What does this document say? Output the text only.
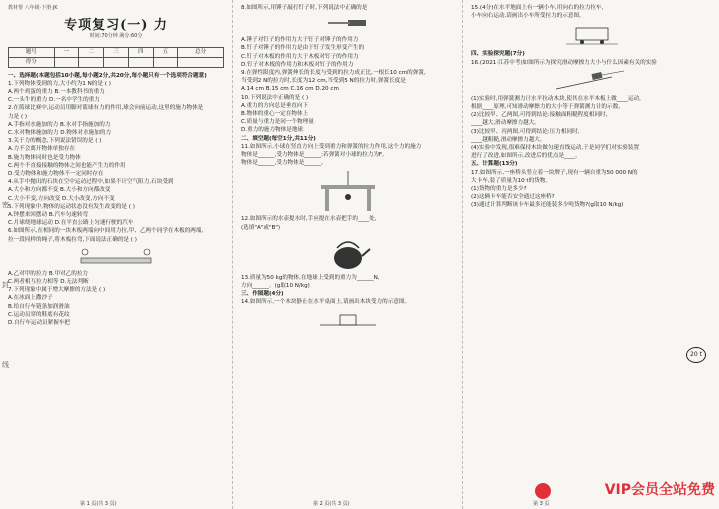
教材帮 八年级·下册·JK
专项复习(一) 力
时间:70分钟 满分:60分
题号	一	二	三	四	五	总分
得分						
一、选择题(本题包括10小题,每小题2分,共20分,每小题只有一个选项符合题意)
1.下列物体受到的力,大小约为1 N的是 ( )
A.两个鸡蛋的重力 B.一本教科书的重力
C.一头牛的重力 D.一名中学生的重力
2.在篮球比赛中,运动员用脚对篮球有力的作用,球会向前运动,这里的施力物体是
力是 ( )
A.手指对水施加的力 B.水对手指施加的力
C.水对物体施加的力 D.物体对水施加的力
3.关于力的概念,下列说法错误的是 ( )
A.力不会离开物体单独存在
B.施力物体同时也是受力物体
C.两个不直接接触的物体之间也能产生力的作用
D.受力物体和施力物体不一定同时存在
4.从手中抛出的石块在空中运动过程中,如果不计空气阻力,石块受到
A.大小和方向都不变 B.大小和方向都改变
C.大小不变,方向改变 D.大小改变,方向不变
5.下列现象中,物体的运动状态没有发生改变的是 ( )
A.钟摆来回摆动 B.汽车匀速转弯
C.月球绕地球运动 D.在平直公路上匀速行驶的汽车
6.如图所示,在相同的一块木板两端向中间用力拉,甲、乙两个同学在木板的两端,
拉一段同样的绳子,将木板拉弯,下面说法正确的是 ( )
A.乙对甲的拉力 B.甲对乙的拉力
C.两者相互拉力相等 D.无法判断
7.下列现象中属于增大摩擦的方法是 ( )
A.在冰面上撒沙子
B.给自行车链条加润滑油
C.运动员穿的鞋底有花纹
D.自行车运动员紧握车把
密
封
线
第 1 页(共 3 页)
8.如图所示,用锤子敲打钉子时,下列说法中正确的是
A.锤子对钉子的作用力大于钉子对锤子的作用力
B.钉子对锤子的作用力是由于钉子发生形变产生的
C.钉子对木板的作用力大于木板对钉子的作用力
D.钉子对木板的作用力和木板对钉子的作用力
9.在弹性限度内,弹簧伸长的长度与受到的拉力成正比,一根长10 cm的弹簧,
当受到2 N的拉力时,长度为12 cm,当受到5 N的拉力时,弹簧长度是
A.14 cm B.15 cm C.16 cm D.20 cm
10.下列说法中正确的是 ( )
A.重力的方向总是垂直向下
B.物体的重心一定在物体上
C.质量与重力是同一个物理量
D.重力的施力物体是地球
二、填空题(每空1分,共11分)
11.如图所示,小球在竖直方向上受到重力和弹簧的拉力作用,这个力的施力
物体是______,受力物体是______;若弹簧对小球的拉力为F,
物体是______,受力物体是______。
12.如图所示的水壶提水时,手应提在水壶把手的____处,
(选填"A"或"B")
13.质量为50 kg的物体,在地球上受到的重力为______N,
方向______。(g取10 N/kg)
三、作图题(4分)
14.如图所示,一个木块静止在水平桌面上,请画出木块受力的示意图。
第 2 页(共 3 页)
15.(4分)在水平地面上有一辆小车,用向右的拉力拉车,
小车向右运动,请画出小车所受拉力的示意图。
四、实验探究题(7分)
16.(2021·江苏中考)如图所示为探究滑动摩擦力大小与什么因素有关的实验
(1)实验时,用弹簧测力计水平拉动木块,使其在水平木板上做____运动,
根据____原理,可知滑动摩擦力的大小等于弹簧测力计的示数。
(2)比较甲、乙两图,可得到结论:接触面粗糙程度相同时,
____越大,滑动摩擦力越大。
(3)比较甲、丙两图,可得到结论:压力相同时,
____越粗糙,滑动摩擦力越大。
(4)实验中发现,很难保持木块做匀速直线运动,于是同学们对实验装置
进行了改进,如图所示,改进后的优点是____。
五、计算题(13分)
17.如图所示,一座桥头竖立着一块牌子,现有一辆自重为50 000 N的
大卡车,装了质量为10 t的货物。
(1)货物的重力是多少?
(2)这辆卡车能否安全通过这座桥?
(3)通过计算判断该卡车最多还能装多少吨货物?(g取10 N/kg)
20 t
第 3 页
VIP会员全站免费
